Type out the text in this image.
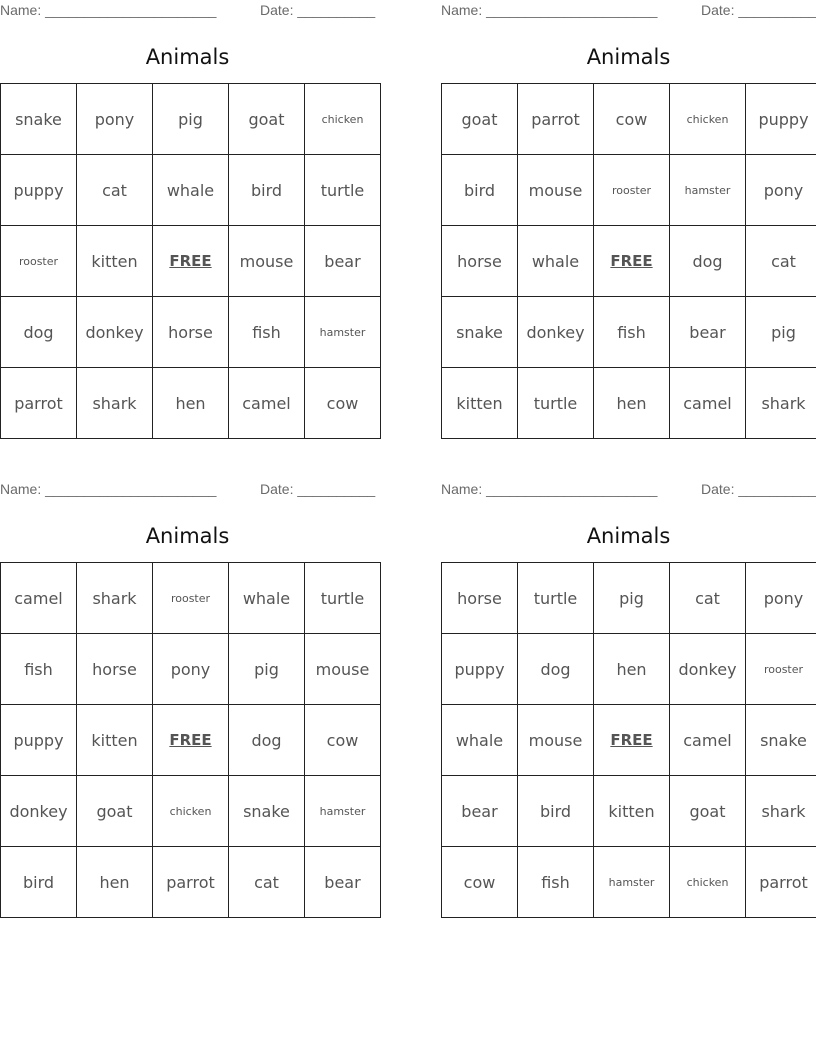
Name: ______________________	Date: __________
Animals
snake	pony	pig	goat	chicken
puppy	cat	whale	bird	turtle
rooster	kitten	FREE	mouse	bear
dog	donkey	horse	fish	hamster
parrot	shark	hen	camel	cow
Name: ______________________	Date: __________
Animals
goat	parrot	cow	chicken	puppy
bird	mouse	rooster	hamster	pony
horse	whale	FREE	dog	cat
snake	donkey	fish	bear	pig
kitten	turtle	hen	camel	shark
Name: ______________________	Date: __________
Animals
camel	shark	rooster	whale	turtle
fish	horse	pony	pig	mouse
puppy	kitten	FREE	dog	cow
donkey	goat	chicken	snake	hamster
bird	hen	parrot	cat	bear
Name: ______________________	Date: __________
Animals
horse	turtle	pig	cat	pony
puppy	dog	hen	donkey	rooster
whale	mouse	FREE	camel	snake
bear	bird	kitten	goat	shark
cow	fish	hamster	chicken	parrot
